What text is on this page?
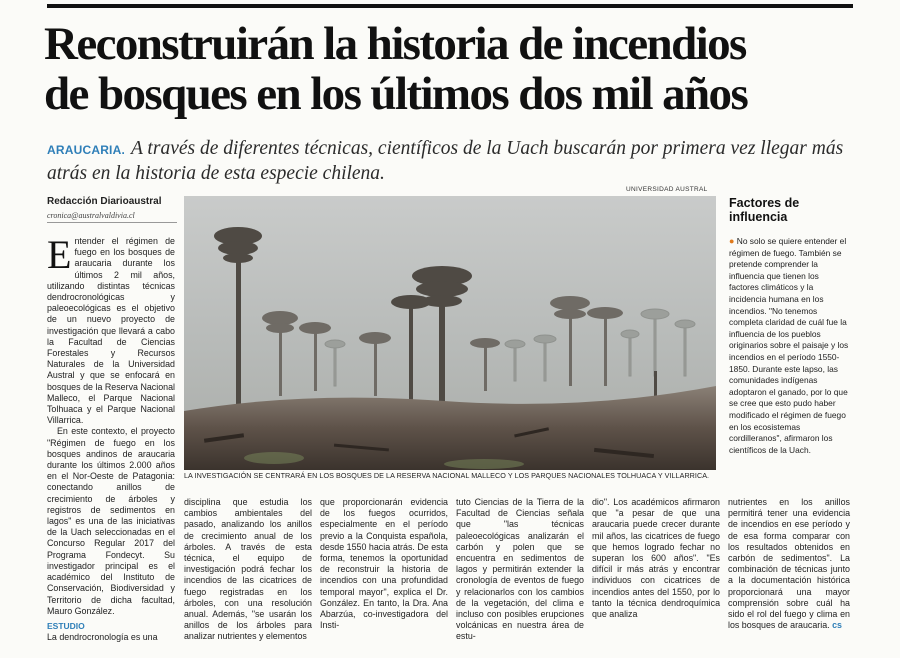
Reconstruirán la historia de incendios
de bosques en los últimos dos mil años

ARAUCARIA. A través de diferentes técnicas, científicos de la Uach buscarán por primera vez llegar más atrás en la historia de esta especie chilena.

Redacción Diarioaustral
cronica@australvaldivia.cl
UNIVERSIDAD AUSTRAL
LA INVESTIGACIÓN SE CENTRARÁ EN LOS BOSQUES DE LA RESERVA NACIONAL MALLECO Y LOS PARQUES NACIONALES TOLHUACA Y VILLARRICA.

Entender el régimen de fuego en los bosques de araucaria durante los últimos 2 mil años, utilizando distintas técnicas dendrocronológicas y paleoecológicas es el objetivo de un nuevo proyecto de investigación que llevará a cabo la Facultad de Ciencias Forestales y Recursos Naturales de la Universidad Austral y que se enfocará en bosques de la Reserva Nacional Malleco, el Parque Nacional Tolhuaca y el Parque Nacional Villarrica.

En este contexto, el proyecto "Régimen de fuego en los bosques andinos de araucaria durante los últimos 2.000 años en el Nor-Oeste de Patagonia: conectando anillos de crecimiento de árboles y registros de sedimentos en lagos" es una de las iniciativas de la Uach seleccionadas en el Concurso Regular 2017 del Programa Fondecyt. Su investigador principal es el académico del Instituto de Conservación, Biodiversidad y Territorio de dicha facultad, Mauro González.

ESTUDIO

La dendrocronología es una

disciplina que estudia los cambios ambientales del pasado, analizando los anillos de crecimiento anual de los árboles. A través de esta técnica, el equipo de investigación podrá fechar los incendios de las cicatrices de fuego registradas en los árboles, con una resolución anual. Además, "se usarán los anillos de los árboles para analizar nutrientes y elementos

que proporcionarán evidencia de los fuegos ocurridos, especialmente en el período previo a la Conquista española, desde 1550 hacia atrás. De esta forma, tenemos la oportunidad de reconstruir la historia de incendios con una profundidad temporal mayor", explica el Dr. González. En tanto, la Dra. Ana Abarzúa, co-investigadora del Insti-

tuto Ciencias de la Tierra de la Facultad de Ciencias señala que "las técnicas paleoecológicas analizarán el carbón y polen que se encuentra en sedimentos de lagos y permitirán extender la cronología de eventos de fuego y relacionarlos con los cambios de la vegetación, del clima e incluso con posibles erupciones volcánicas en nuestra área de estu-

dio". Los académicos afirmaron que "a pesar de que una araucaria puede crecer durante mil años, las cicatrices de fuego que hemos logrado fechar no superan los 600 años". "Es difícil ir más atrás y encontrar individuos con cicatrices de incendios antes del 1550, por lo tanto la técnica dendroquímica que analiza

nutrientes en los anillos permitirá tener una evidencia de incendios en ese período y de esa forma comparar con los resultados obtenidos en carbón de sedimentos". La combinación de técnicas junto a la documentación histórica proporcionará una mayor comprensión sobre cuál ha sido el rol del fuego y clima en los bosques de araucaria. cs

Factores de influencia
● No solo se quiere entender el régimen de fuego. También se pretende comprender la influencia que tienen los factores climáticos y la incidencia humana en los incendios. "No tenemos completa claridad de cuál fue la influencia de los pueblos originarios sobre el paisaje y los incendios en el período 1550-1850. Durante este lapso, las comunidades indígenas adoptaron el ganado, por lo que se cree que esto pudo haber modificado el régimen de fuego en los ecosistemas cordilleranos", afirmaron los científicos de la Uach.
